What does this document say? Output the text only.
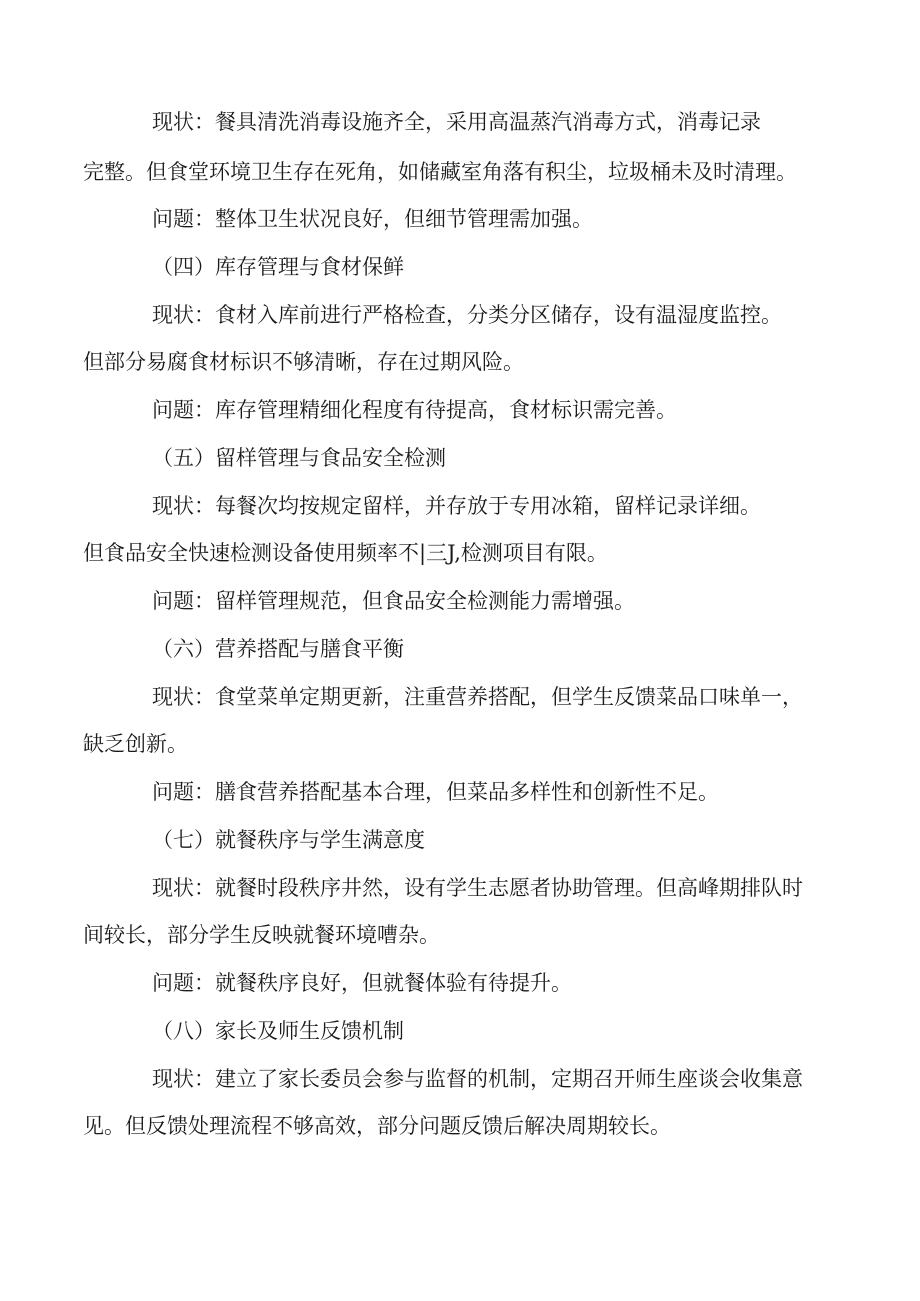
现状：餐具清洗消毒设施齐全，采用高温蒸汽消毒方式，消毒记录
完整。但食堂环境卫生存在死角，如储藏室角落有积尘，垃圾桶未及时清理。
问题：整体卫生状况良好，但细节管理需加强。
（四）库存管理与食材保鲜
现状：食材入库前进行严格检查，分类分区储存，设有温湿度监控。
但部分易腐食材标识不够清晰，存在过期风险。
问题：库存管理精细化程度有待提高，食材标识需完善。
（五）留样管理与食品安全检测
现状：每餐次均按规定留样，并存放于专用冰箱，留样记录详细。
但食品安全快速检测设备使用频率不|三J,检测项目有限。
问题：留样管理规范，但食品安全检测能力需增强。
（六）营养搭配与膳食平衡
现状：食堂菜单定期更新，注重营养搭配，但学生反馈菜品口味单一，
缺乏创新。
问题：膳食营养搭配基本合理，但菜品多样性和创新性不足。
（七）就餐秩序与学生满意度
现状：就餐时段秩序井然，设有学生志愿者协助管理。但高峰期排队时
间较长，部分学生反映就餐环境嘈杂。
问题：就餐秩序良好，但就餐体验有待提升。
（八）家长及师生反馈机制
现状：建立了家长委员会参与监督的机制，定期召开师生座谈会收集意
见。但反馈处理流程不够高效，部分问题反馈后解决周期较长。
